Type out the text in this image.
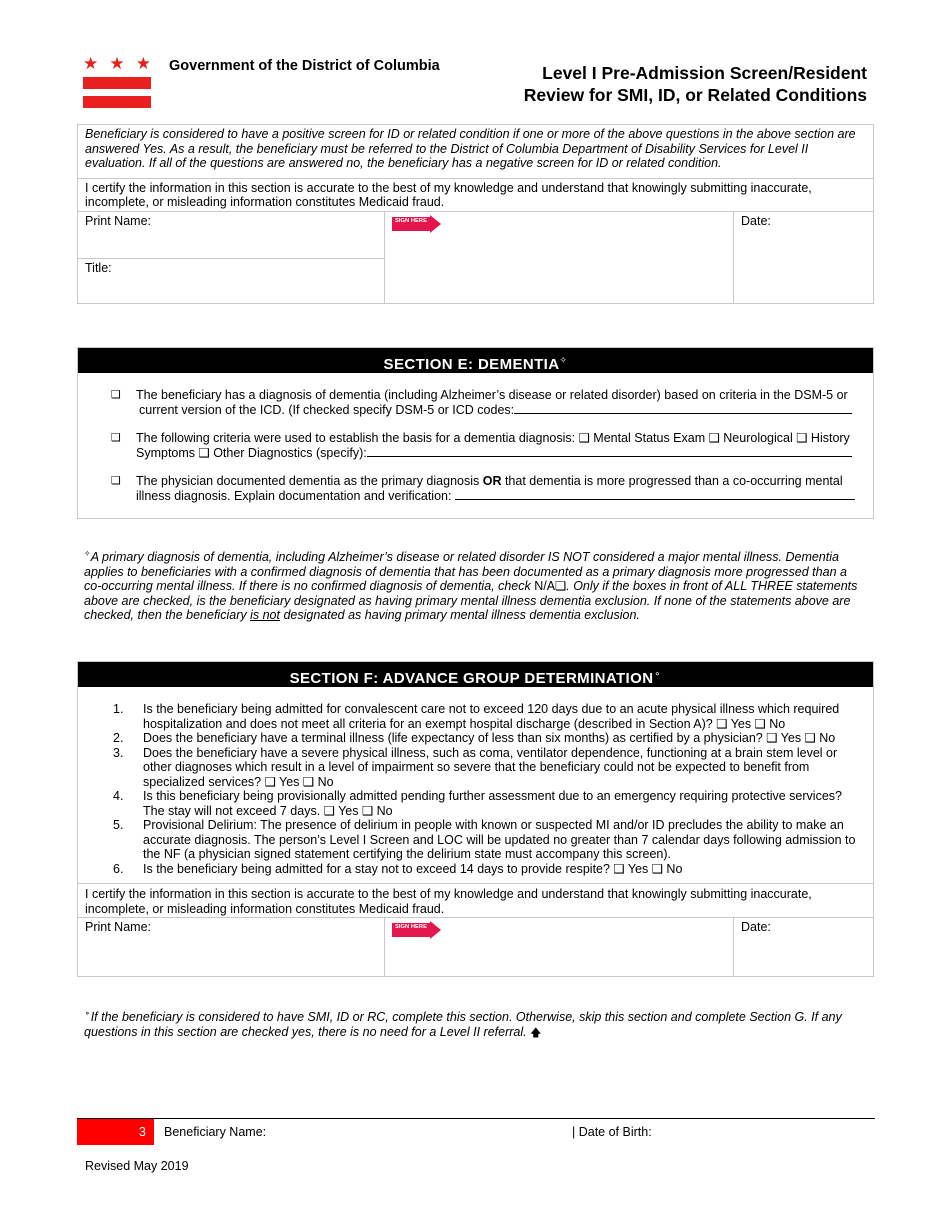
★ ★ ★ Government of the District of Columbia	Level I Pre-Admission Screen/Resident
Review for SMI, ID, or Related Conditions
Beneficiary is considered to have a positive screen for ID or related condition if one or more of the above questions in the above section are answered Yes. As a result, the beneficiary must be referred to the District of Columbia Department of Disability Services for Level II evaluation. If all of the questions are answered no, the beneficiary has a negative screen for ID or related condition.
I certify the information in this section is accurate to the best of my knowledge and understand that knowingly submitting inaccurate, incomplete, or misleading information constitutes Medicaid fraud.
Print Name:
Title:
SIGN HERE	Date:
SECTION E: DEMENTIA✧
❑	The beneficiary has a diagnosis of dementia (including Alzheimer’s disease or related disorder) based on criteria in the DSM-5 or
current version of the ICD. (If checked specify DSM-5 or ICD codes:
❑	The following criteria were used to establish the basis for a dementia diagnosis: ❑ Mental Status Exam ❑ Neurological ❑ History
Symptoms ❑ Other Diagnostics (specify):
❑	The physician documented dementia as the primary diagnosis OR that dementia is more progressed than a co-occurring mental
illness diagnosis. Explain documentation and verification:
✧A primary diagnosis of dementia, including Alzheimer’s disease or related disorder IS NOT considered a major mental illness. Dementia applies to beneficiaries with a confirmed diagnosis of dementia that has been documented as a primary diagnosis more progressed than a co-occurring mental illness. If there is no confirmed diagnosis of dementia, check N/A❑. Only if the boxes in front of ALL THREE statements above are checked, is the beneficiary designated as having primary mental illness dementia exclusion. If none of the statements above are checked, then the beneficiary is not designated as having primary mental illness dementia exclusion.
SECTION F: ADVANCE GROUP DETERMINATION⚬
1.	Is the beneficiary being admitted for convalescent care not to exceed 120 days due to an acute physical illness which required hospitalization and does not meet all criteria for an exempt hospital discharge (described in Section A)? ❑ Yes ❑ No
2.	Does the beneficiary have a terminal illness (life expectancy of less than six months) as certified by a physician? ❑ Yes ❑ No
3.	Does the beneficiary have a severe physical illness, such as coma, ventilator dependence, functioning at a brain stem level or other diagnoses which result in a level of impairment so severe that the beneficiary could not be expected to benefit from specialized services? ❑ Yes ❑ No
4.	Is this beneficiary being provisionally admitted pending further assessment due to an emergency requiring protective services? The stay will not exceed 7 days. ❑ Yes ❑ No
5.	Provisional Delirium: The presence of delirium in people with known or suspected MI and/or ID precludes the ability to make an accurate diagnosis. The person’s Level I Screen and LOC will be updated no greater than 7 calendar days following admission to the NF (a physician signed statement certifying the delirium state must accompany this screen).
6.	Is the beneficiary being admitted for a stay not to exceed 14 days to provide respite? ❑ Yes ❑ No
I certify the information in this section is accurate to the best of my knowledge and understand that knowingly submitting inaccurate, incomplete, or misleading information constitutes Medicaid fraud.
Print Name:	SIGN HERE	Date:
⚬If the beneficiary is considered to have SMI, ID or RC, complete this section. Otherwise, skip this section and complete Section G. If any questions in this section are checked yes, there is no need for a Level II referral. 🡅
3	Beneficiary Name:	| Date of Birth:
Revised May 2019
